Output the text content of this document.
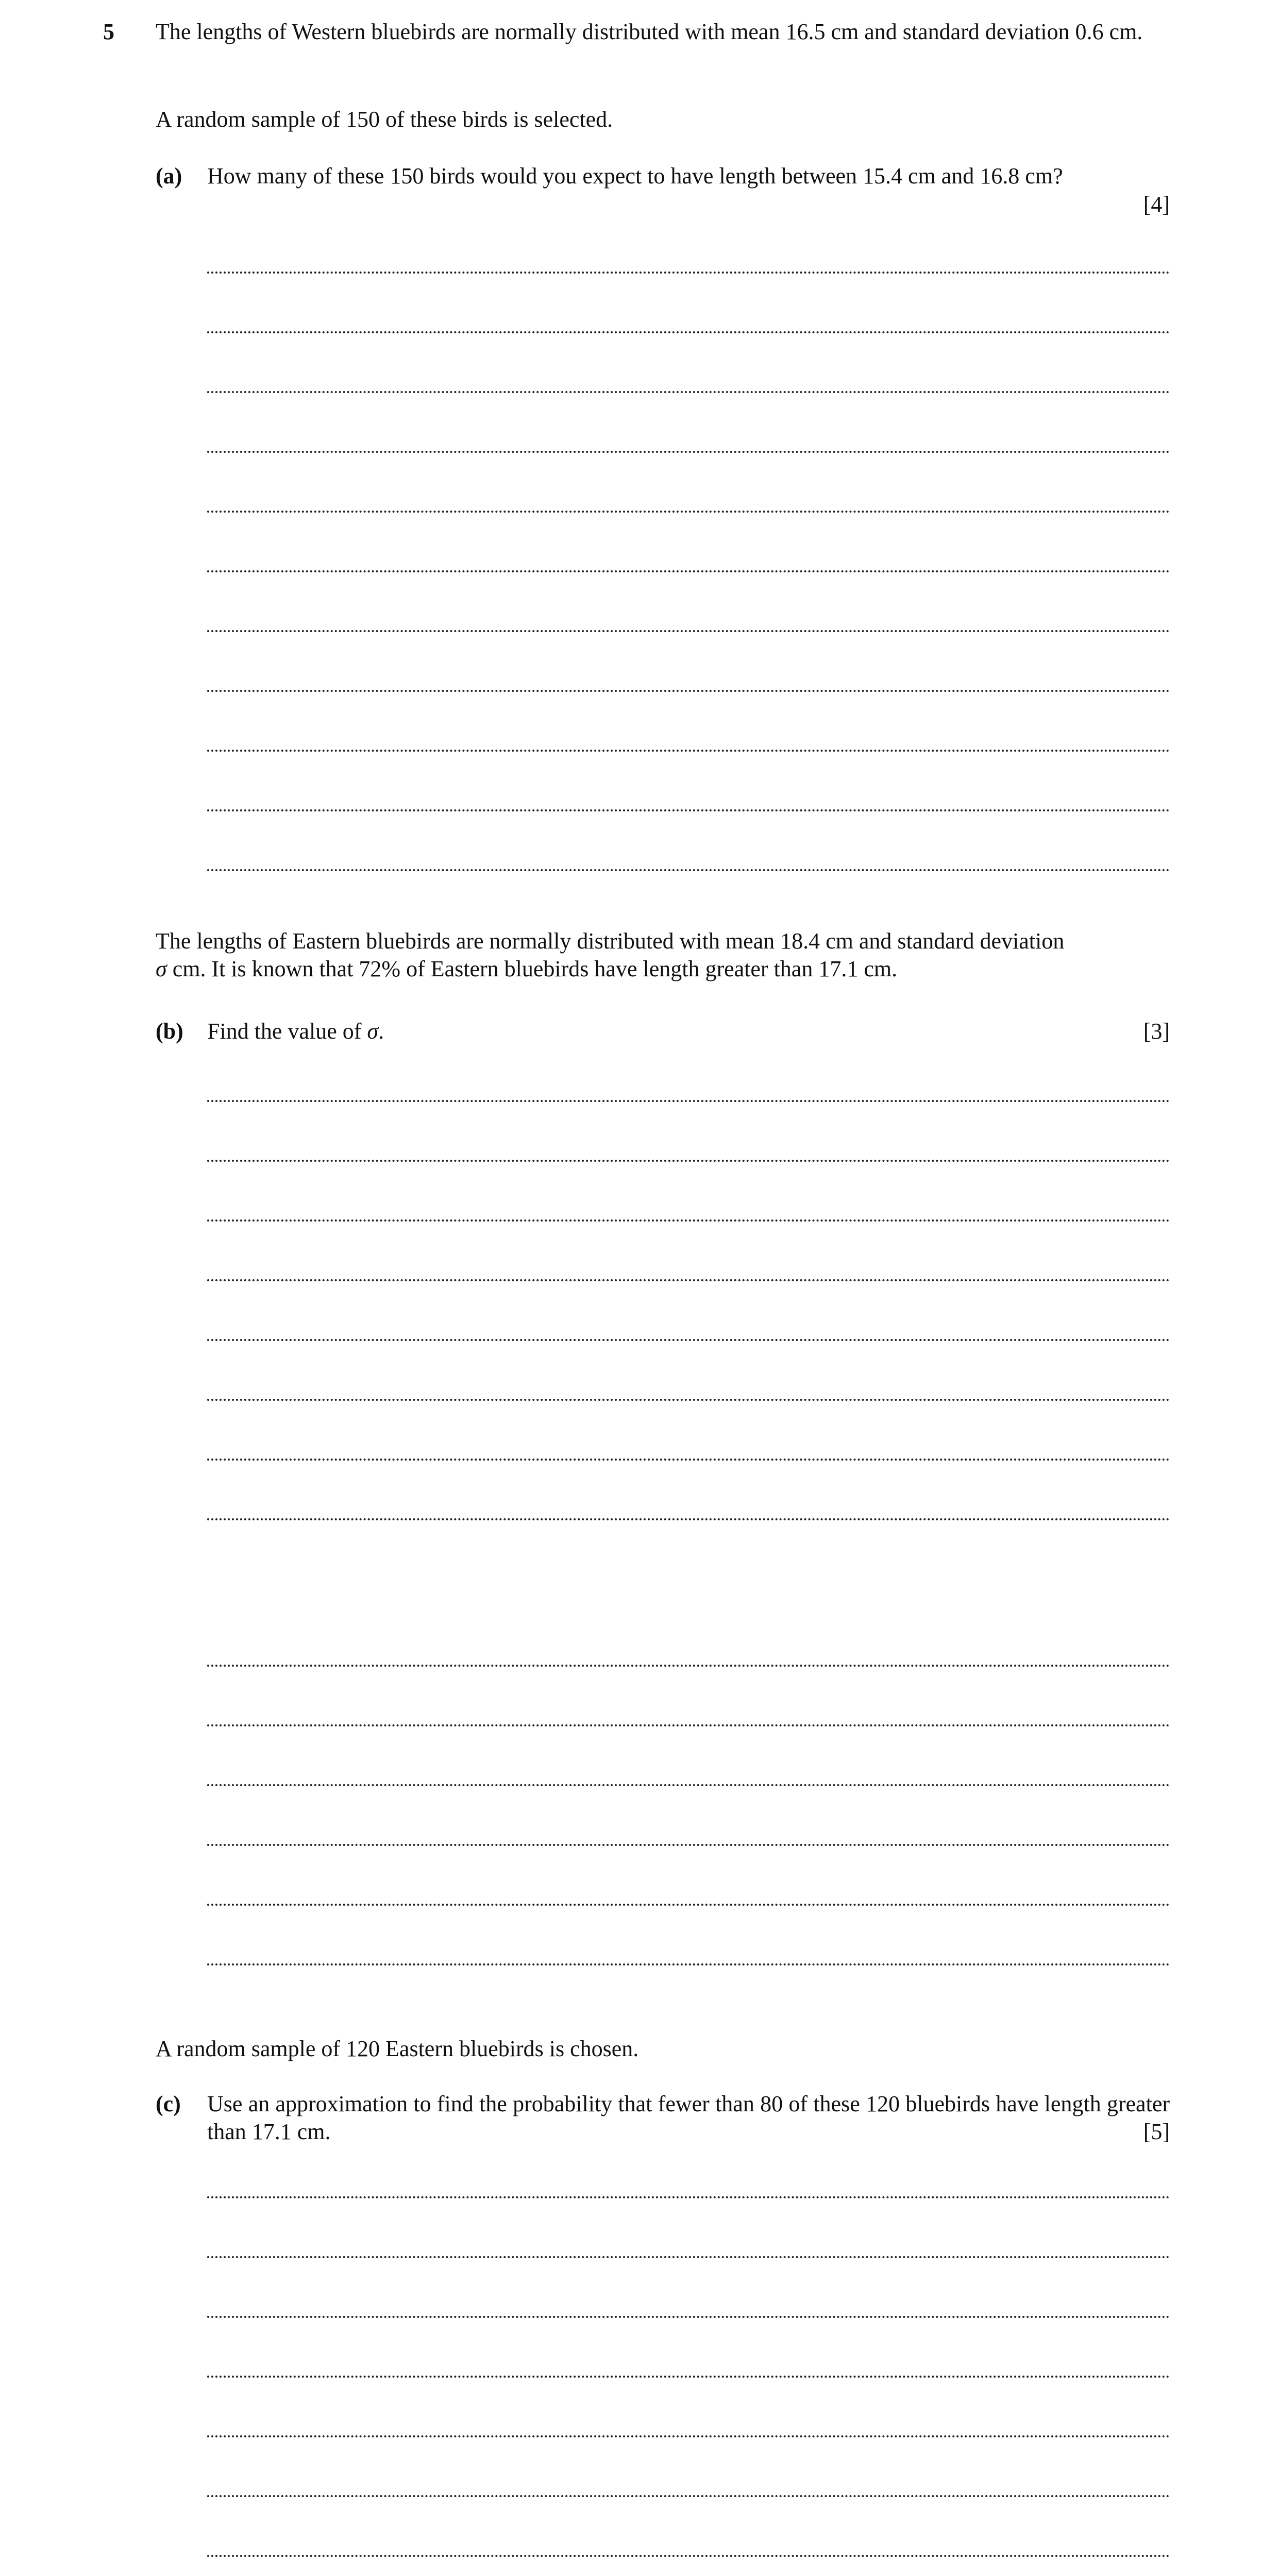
5 The lengths of Western bluebirds are normally distributed with mean 16.5 cm and standard deviation 0.6 cm.
A random sample of 150 of these birds is selected.
(a) How many of these 150 birds would you expect to have length between 15.4 cm and 16.8 cm?
[4]
The lengths of Eastern bluebirds are normally distributed with mean 18.4 cm and standard deviation
σ cm. It is known that 72% of Eastern bluebirds have length greater than 17.1 cm.
(b) Find the value of σ.	[3]
A random sample of 120 Eastern bluebirds is chosen.
(c) Use an approximation to find the probability that fewer than 80 of these 120 bluebirds have length greater than 17.1 cm.	[5]
